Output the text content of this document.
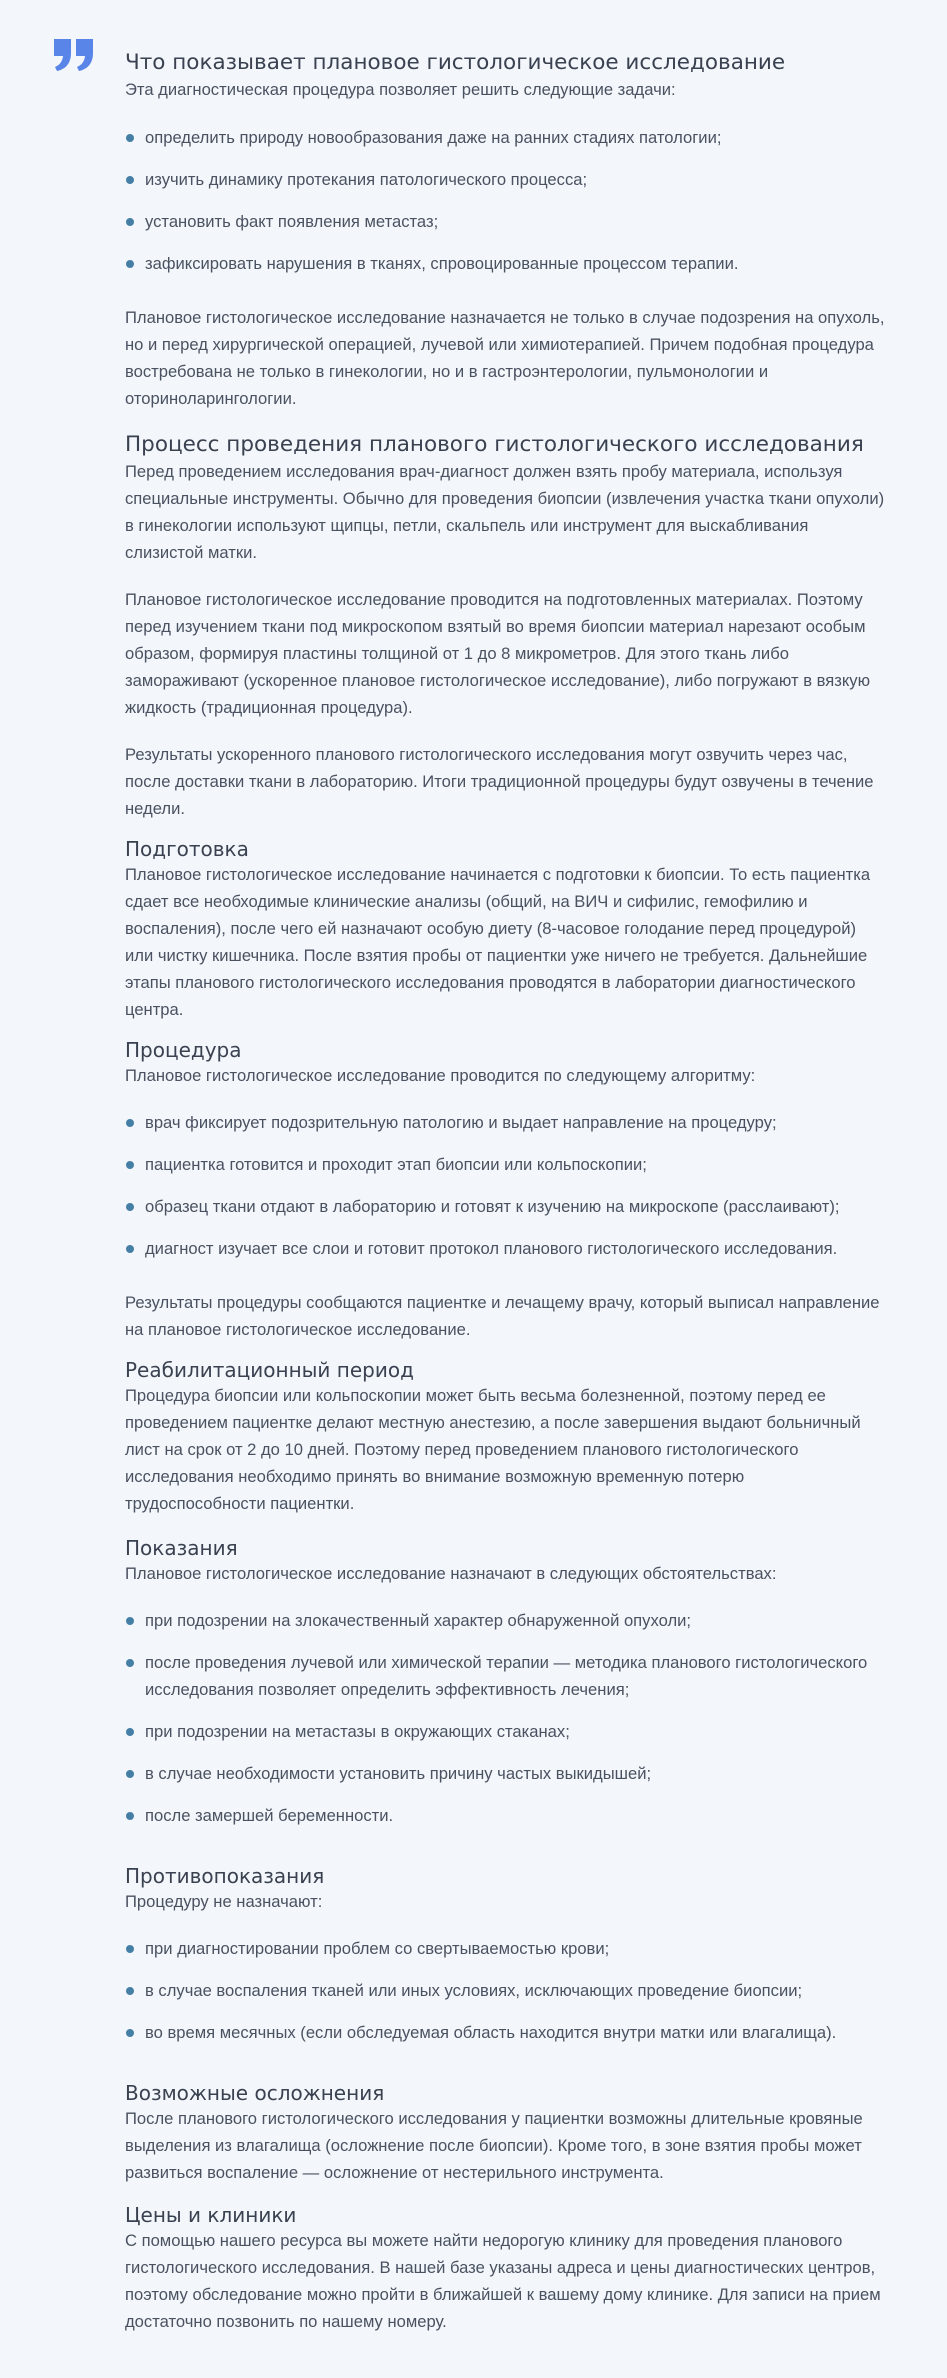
Что показывает плановое гистологическое исследование

Эта диагностическая процедура позволяет решить следующие задачи:

определить природу новообразования даже на ранних стадиях патологии;
изучить динамику протекания патологического процесса;
установить факт появления метастаз;
зафиксировать нарушения в тканях, спровоцированные процессом терапии.

Плановое гистологическое исследование назначается не только в случае подозрения на опухоль, но и перед хирургической операцией, лучевой или химиотерапией. Причем подобная процедура востребована не только в гинекологии, но и в гастроэнтерологии, пульмонологии и оториноларингологии.

Процесс проведения планового гистологического исследования

Перед проведением исследования врач-диагност должен взять пробу материала, используя специальные инструменты. Обычно для проведения биопсии (извлечения участка ткани опухоли) в гинекологии используют щипцы, петли, скальпель или инструмент для выскабливания слизистой матки.

Плановое гистологическое исследование проводится на подготовленных материалах. Поэтому перед изучением ткани под микроскопом взятый во время биопсии материал нарезают особым образом, формируя пластины толщиной от 1 до 8 микрометров. Для этого ткань либо замораживают (ускоренное плановое гистологическое исследование), либо погружают в вязкую жидкость (традиционная процедура).

Результаты ускоренного планового гистологического исследования могут озвучить через час, после доставки ткани в лабораторию. Итоги традиционной процедуры будут озвучены в течение недели.

Подготовка

Плановое гистологическое исследование начинается с подготовки к биопсии. То есть пациентка сдает все необходимые клинические анализы (общий, на ВИЧ и сифилис, гемофилию и воспаления), после чего ей назначают особую диету (8-часовое голодание перед процедурой) или чистку кишечника. После взятия пробы от пациентки уже ничего не требуется. Дальнейшие этапы планового гистологического исследования проводятся в лаборатории диагностического центра.

Процедура

Плановое гистологическое исследование проводится по следующему алгоритму:

врач фиксирует подозрительную патологию и выдает направление на процедуру;
пациентка готовится и проходит этап биопсии или кольпоскопии;
образец ткани отдают в лабораторию и готовят к изучению на микроскопе (расслаивают);
диагност изучает все слои и готовит протокол планового гистологического исследования.

Результаты процедуры сообщаются пациентке и лечащему врачу, который выписал направление на плановое гистологическое исследование.

Реабилитационный период

Процедура биопсии или кольпоскопии может быть весьма болезненной, поэтому перед ее проведением пациентке делают местную анестезию, а после завершения выдают больничный лист на срок от 2 до 10 дней. Поэтому перед проведением планового гистологического исследования необходимо принять во внимание возможную временную потерю трудоспособности пациентки.

Показания

Плановое гистологическое исследование назначают в следующих обстоятельствах:

при подозрении на злокачественный характер обнаруженной опухоли;
после проведения лучевой или химической терапии — методика планового гистологического исследования позволяет определить эффективность лечения;
при подозрении на метастазы в окружающих стаканах;
в случае необходимости установить причину частых выкидышей;
после замершей беременности.
Противопоказания

Процедуру не назначают:

при диагностировании проблем со свертываемостью крови;
в случае воспаления тканей или иных условиях, исключающих проведение биопсии;
во время месячных (если обследуемая область находится внутри матки или влагалища).
Возможные осложнения

После планового гистологического исследования у пациентки возможны длительные кровяные выделения из влагалища (осложнение после биопсии). Кроме того, в зоне взятия пробы может развиться воспаление — осложнение от нестерильного инструмента.

Цены и клиники

С помощью нашего ресурса вы можете найти недорогую клинику для проведения планового гистологического исследования. В нашей базе указаны адреса и цены диагностических центров, поэтому обследование можно пройти в ближайшей к вашему дому клинике. Для записи на прием достаточно позвонить по нашему номеру.
